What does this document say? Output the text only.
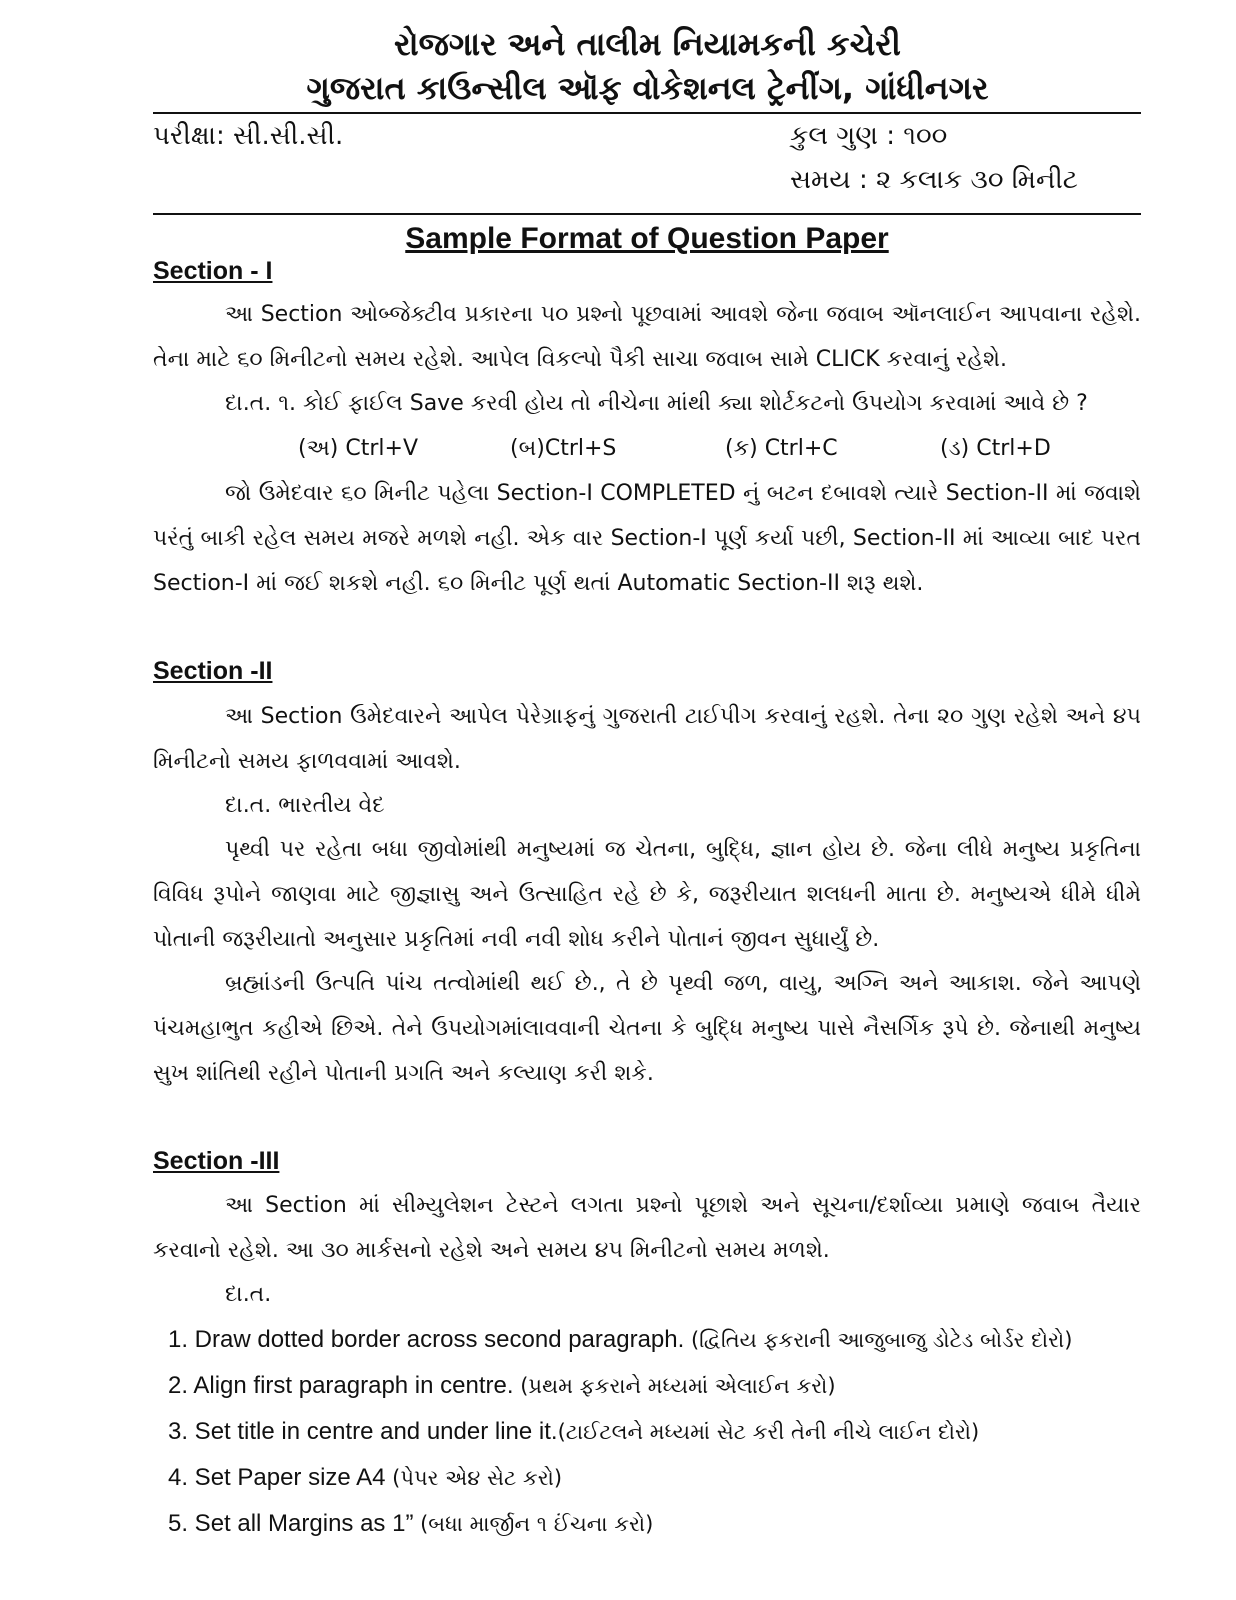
રોજગાર અને તાલીમ નિયામકની કચેરી
ગુજરાત કાઉન્સીલ ઑફ વોકેશનલ ટ્રેનીંગ, ગાંધીનગર
પરીક્ષા: સી.સી.સી.	કુલ ગુણ : ૧૦૦
સમય : ૨ કલાક ૩૦ મિનીટ
Sample Format of Question Paper
Section - I
આ Section ઓબ્જેક્ટીવ પ્રકારના ૫૦ પ્રશ્નો પૂછવામાં આવશે જેના જવાબ ઑનલાઈન આપવાના રહેશે. તેના માટે ૬૦ મિનીટનો સમય રહેશે. આપેલ વિકલ્પો પૈકી સાચા જવાબ સામે CLICK કરવાનું રહેશે.
દા.ત. ૧. કોઈ ફાઈલ Save કરવી હોય તો નીચેના માંથી ક્યા શોર્ટકટનો ઉપયોગ કરવામાં આવે છે ?
(અ) Ctrl+V	(બ)Ctrl+S	(ક) Ctrl+C	(ડ) Ctrl+D
જો ઉમેદવાર ૬૦ મિનીટ પહેલા Section-I COMPLETED નું બટન દબાવશે ત્યારે Section-II માં જવાશે પરંતું બાકી રહેલ સમય મજરે મળશે નહી. એક વાર Section-I પૂર્ણ કર્યા પછી, Section-II માં આવ્યા બાદ પરત Section-I માં જઈ શકશે નહી. ૬૦ મિનીટ પૂર્ણ થતાં Automatic Section-II શરૂ થશે.
Section -II
આ Section ઉમેદવારને આપેલ પેરેગ્રાફનું ગુજરાતી ટાઈપીગ કરવાનું રહશે. તેના ૨૦ ગુણ રહેશે અને ૪૫ મિનીટનો સમય ફાળવવામાં આવશે.
દા.ત. ભારતીય વેદ
પૃથ્વી પર રહેતા બધા જીવોમાંથી મનુષ્યમાં જ ચેતના, બુદ્ધિ, જ્ઞાન હોય છે. જેના લીધે મનુષ્ય પ્રકૃતિના વિવિધ રૂપોને જાણવા માટે જીજ્ઞાસુ અને ઉત્સાહિત રહે છે કે, જરૂરીયાત શલધની માતા છે. મનુષ્યએ ધીમે ધીમે પોતાની જરૂરીયાતો અનુસાર પ્રકૃતિમાં નવી નવી શોધ કરીને પોતાનં જીવન સુધાર્યું છે.
બ્રહ્માંડની ઉત્પતિ પાંચ તત્વોમાંથી થઈ છે., તે છે પૃથ્વી જળ, વાયુ, અગ્નિ અને આકાશ. જેને આપણે પંચમહાભુત કહીએ છિએ. તેને ઉપયોગમાંલાવવાની ચેતના કે બુદ્ધિ મનુષ્ય પાસે નૈસર્ગિક રૂપે છે. જેનાથી મનુષ્ય સુખ શાંતિથી રહીને પોતાની પ્રગતિ અને કલ્યાણ કરી શકે.
Section -III
આ Section માં સીમ્યુલેશન ટેસ્ટને લગતા પ્રશ્નો પૂછાશે અને સૂચના/દર્શાવ્યા પ્રમાણે જવાબ તૈયાર કરવાનો રહેશે. આ ૩૦ માર્કસનો રહેશે અને સમય ૪૫ મિનીટનો સમય મળશે.
દા.ત.
1. Draw dotted border across second paragraph. (દ્વિતિય ફકરાની આજુબાજુ ડોટેડ બોર્ડર દોરો)
2. Align first paragraph in centre. (પ્રથમ ફકરાને મધ્યમાં એલાઈન કરો)
3. Set title in centre and under line it.(ટાઈટલને મધ્યમાં સેટ કરી તેની નીચે લાઈન દોરો)
4. Set Paper size A4 (પેપર એ૪ સેટ કરો)
5. Set all Margins as 1” (બધા માર્જીન ૧ ઈંચના કરો)
